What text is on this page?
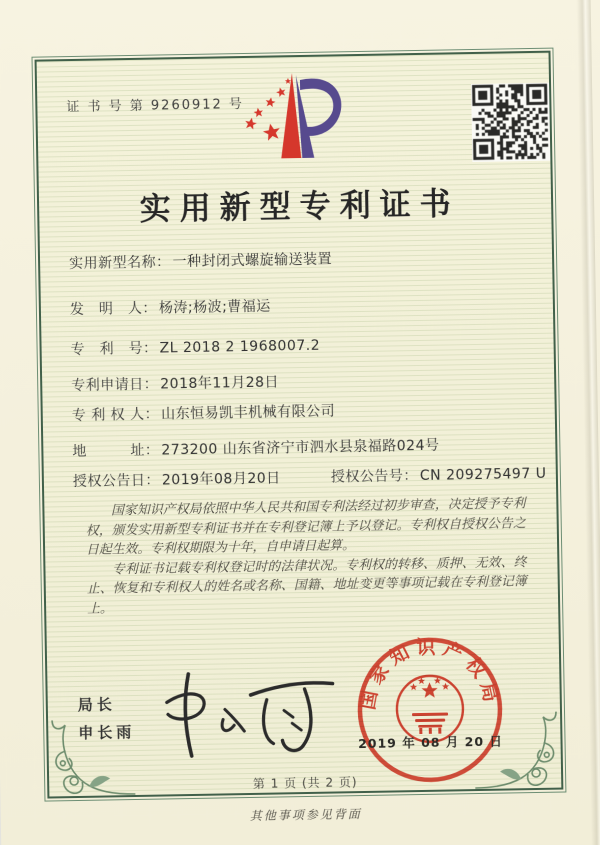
证 书 号 第 9260912 号
实用新型专利证书
实用新型名称： 一种封闭式螺旋输送装置
发　明　人： 杨涛;杨波;曹福运
专　利　号： ZL 2018 2 1968007.2
专利申请日： 2018年11月28日
专 利 权 人： 山东恒易凯丰机械有限公司
地　　　址： 273200 山东省济宁市泗水县泉福路024号
授权公告日： 2019年08月20日	授权公告号： CN 209275497 U

国家知识产权局依照中华人民共和国专利法经过初步审查，决定授予专利权，颁发实用新型专利证书并在专利登记簿上予以登记。专利权自授权公告之日起生效。专利权期限为十年，自申请日起算。

专利证书记载专利权登记时的法律状况。专利权的转移、质押、无效、终止、恢复和专利权人的姓名或名称、国籍、地址变更等事项记载在专利登记簿上。

局长
申长雨
国家知识产权局
2019 年 08 月 20 日
第 1 页 (共 2 页)
其他事项参见背面
